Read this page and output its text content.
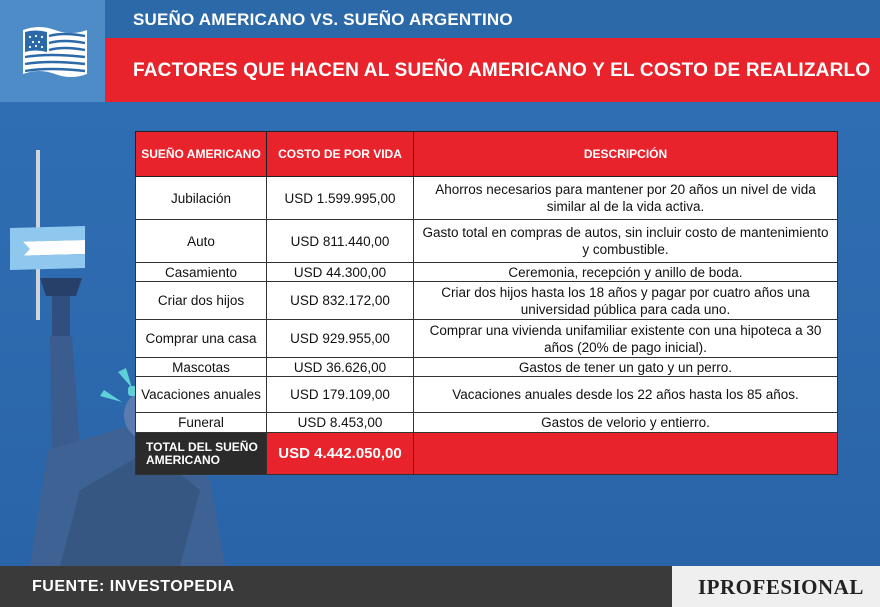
SUEÑO AMERICANO VS. SUEÑO ARGENTINO
FACTORES QUE HACEN AL SUEÑO AMERICANO Y EL COSTO DE REALIZARLO
SUEÑO AMERICANO	COSTO DE POR VIDA	DESCRIPCIÓN
Jubilación	USD 1.599.995,00	Ahorros necesarios para mantener por 20 años un nivel de vida similar al de la vida activa.
Auto	USD 811.440,00	Gasto total en compras de autos, sin incluir costo de mantenimiento y combustible.
Casamiento	USD 44.300,00	Ceremonia, recepción y anillo de boda.
Criar dos hijos	USD 832.172,00	Criar dos hijos hasta los 18 años y pagar por cuatro años una universidad pública para cada uno.
Comprar una casa	USD 929.955,00	Comprar una vivienda unifamiliar existente con una hipoteca a 30 años (20% de pago inicial).
Mascotas	USD 36.626,00	Gastos de tener un gato y un perro.
Vacaciones anuales	USD 179.109,00	Vacaciones anuales desde los 22 años hasta los 85 años.
Funeral	USD 8.453,00	Gastos de velorio y entierro.
TOTAL DEL SUEÑO AMERICANO	USD 4.442.050,00	
FUENTE: INVESTOPEDIA	IPROFESIONAL
